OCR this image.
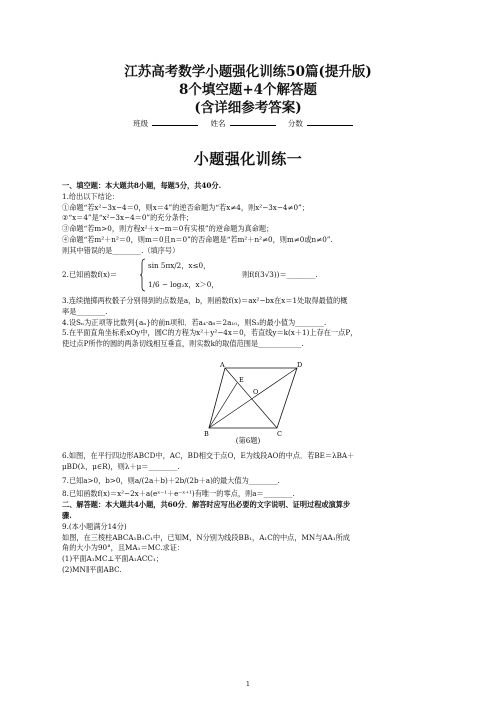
江苏高考数学小题强化训练50篇(提升版)
8个填空题+4个解答题
(含详细参考答案)
班级	姓名	分数
小题强化训练一
一、填空题：本大题共8小题，每题5分，共40分.
1.给出以下结论：
①命题“若x²−3x−4＝0，则x＝4”的逆否命题为“若x≠4，则x²−3x−4≠0”；
②“x＝4”是“x²−3x−4＝0”的充分条件；
③命题“若m>0，则方程x²＋x−m＝0有实根”的逆命题为真命题；
④命题“若m²＋n²＝0，则m＝0且n＝0”的否命题是“若m²＋n²≠0，则m≠0或n≠0”.
则其中错误的是________.（填序号）
2.已知函数f(x)＝
sin 5πx/2，x≤0，
1/6 − log₂x，x＞0，
则f(f(3√3))＝________.
3.连续抛掷两枚骰子分别得到的点数是a，b，则函数f(x)＝ax²−bx在x＝1处取得最值的概
率是________.
4.设Sₙ为正项等比数列{aₙ}的前n项和．若a₄·a₈＝2a₁₀，则S₃的最小值为________.
5.在平面直角坐标系xOy中，圆C的方程为x²＋y²−4x＝0，若直线y＝k(x＋1)上存在一点P，
使过点P所作的圆的两条切线相互垂直，则实数k的取值范围是____________.
A	D
B	C
E
O
(第6题)
6.如图，在平行四边形ABCD中，AC，BD相交于点O，E为线段AO的中点．若BE＝λBA＋
μBD(λ，μ∈R)，则λ＋μ＝________.
7.已知a>0，b>0，则a/(2a＋b)＋2b/(2b＋a)的最大值为________.
8.已知函数f(x)＝x²−2x＋a(eˣ⁻¹＋e⁻ˣ⁺¹)有唯一的零点，则a＝________.
二、解答题：本大题共4小题，共60分．解答时应写出必要的文字说明、证明过程或演算步
骤.
9.(本小题满分14分)
如图，在三棱柱ABCA₁B₁C₁中，已知M，N分别为线段BB₁，A₁C的中点，MN与AA₁所成
角的大小为90°，且MA₁＝MC.求证：
(1)平面A₁MC⊥平面A₁ACC₁；
(2)MN∥平面ABC.
1
